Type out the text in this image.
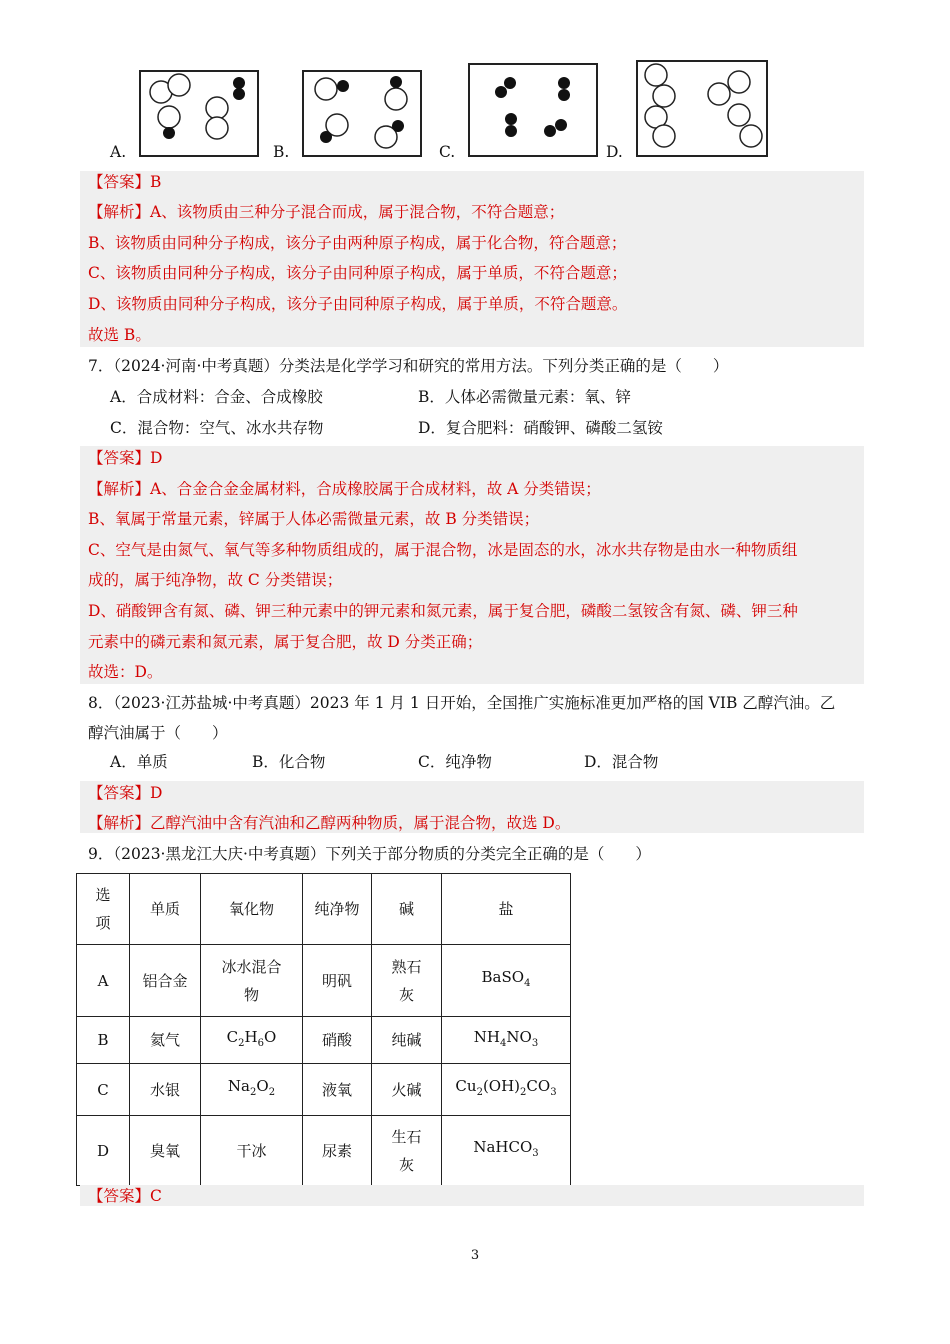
A.	B.	C.	D.
【答案】B
【解析】A、该物质由三种分子混合而成，属于混合物，不符合题意；
B、该物质由同种分子构成，该分子由两种原子构成，属于化合物，符合题意；
C、该物质由同种分子构成，该分子由同种原子构成，属于单质，不符合题意；
D、该物质由同种分子构成，该分子由同种原子构成，属于单质，不符合题意。
故选 B。
7．（2024·河南·中考真题）分类法是化学学习和研究的常用方法。下列分类正确的是（　　）
A．合成材料：合金、合成橡胶	B．人体必需微量元素：氧、锌
C．混合物：空气、冰水共存物	D．复合肥料：硝酸钾、磷酸二氢铵
【答案】D
【解析】A、合金合金金属材料，合成橡胶属于合成材料，故 A 分类错误；
B、氧属于常量元素，锌属于人体必需微量元素，故 B 分类错误；
C、空气是由氮气、氧气等多种物质组成的，属于混合物，冰是固态的水，冰水共存物是由水一种物质组
成的，属于纯净物，故 C 分类错误；
D、硝酸钾含有氮、磷、钾三种元素中的钾元素和氮元素，属于复合肥，磷酸二氢铵含有氮、磷、钾三种
元素中的磷元素和氮元素，属于复合肥，故 D 分类正确；
故选：D。
8．（2023·江苏盐城·中考真题）2023 年 1 月 1 日开始，全国推广实施标准更加严格的国 VIB 乙醇汽油。乙
醇汽油属于（　　）
A．单质	B．化合物	C．纯净物	D．混合物
【答案】D
【解析】乙醇汽油中含有汽油和乙醇两种物质，属于混合物，故选 D。
9．（2023·黑龙江大庆·中考真题）下列关于部分物质的分类完全正确的是（　　）
选项	单质	氧化物	纯净物	碱	盐
A	铝合金	冰水混合物	明矾	熟石灰	BaSO$_4$
B	氦气	$C_2H_6O$	硝酸	纯碱	$NH_4NO_3$
C	水银	$Na_2O_2$	液氧	火碱	$Cu_2(OH)_2CO_3$
D	臭氧	干冰	尿素	生石灰	NaHCO$_3$
【答案】C
3
